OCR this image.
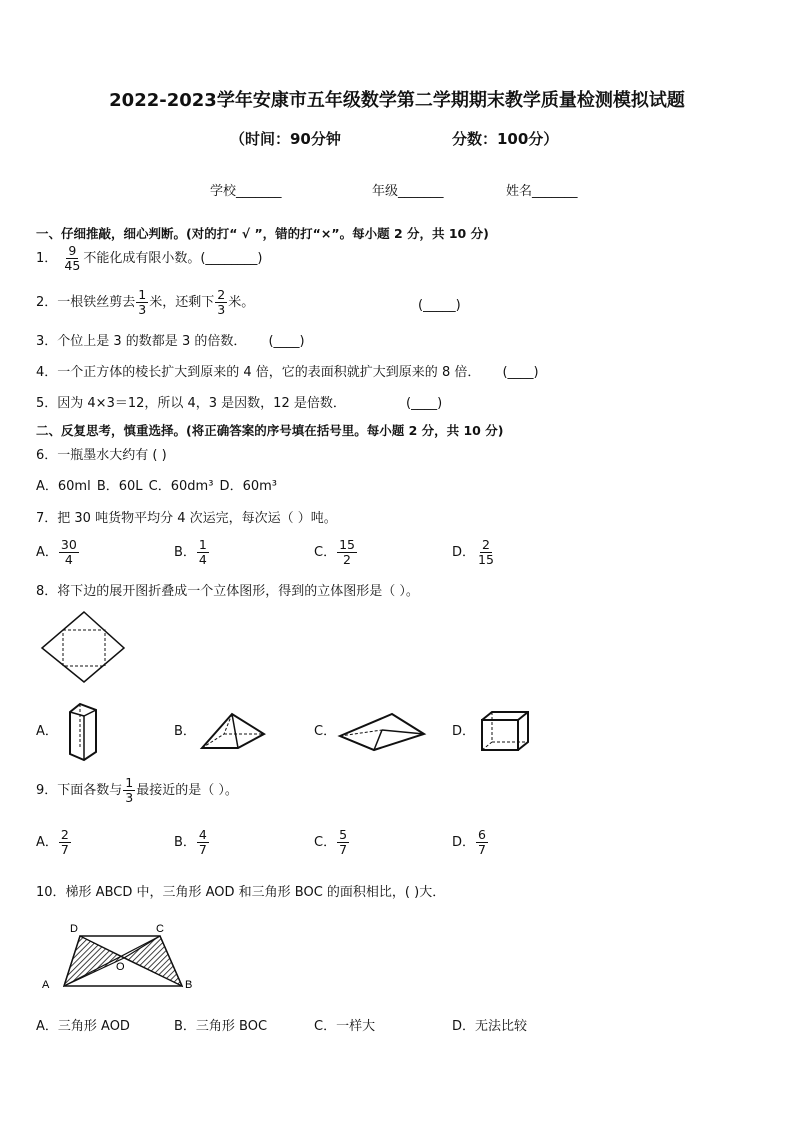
2022-2023学年安康市五年级数学第二学期期末教学质量检测模拟试题
（时间：90分钟	分数：100分）
学校_______	年级_______	姓名_______
一、仔细推敲，细心判断。(对的打“ √ ”，错的打“×”。每小题 2 分，共 10 分)
1． $\frac{9}{45}$ 不能化成有限小数。(________)
2．一根铁丝剪去 $\frac{1}{3}$ 米，还剩下 $\frac{2}{3}$ 米。	(_____)
3．个位上是 3 的数都是 3 的倍数． (____)
4．一个正方体的棱长扩大到原来的 4 倍，它的表面积就扩大到原来的 8 倍． (____)
5．因为 4×3＝12，所以 4，3 是因数，12 是倍数．	(____)
二、反复思考，慎重选择。(将正确答案的序号填在括号里。每小题 2 分，共 10 分)
6．一瓶墨水大约有 ( )
A．60ml B．60L C．60dm³ D．60m³
7．把 30 吨货物平均分 4 次运完，每次运（ ）吨。
A． $\frac{30}{4}$	B． $\frac{1}{4}$	C． $\frac{15}{2}$	D． $\frac{2}{15}$
8．将下边的展开图折叠成一个立体图形，得到的立体图形是（ ）。
A．	B．	C．	D．
9．下面各数与 $\frac{1}{3}$ 最接近的是（ ）。
A． $\frac{2}{7}$	B． $\frac{4}{7}$	C． $\frac{5}{7}$	D． $\frac{6}{7}$
10．梯形 ABCD 中，三角形 AOD 和三角形 BOC 的面积相比，( )大．
D	C
O
A	B
A．三角形 AOD	B．三角形 BOC	C．一样大	D．无法比较
